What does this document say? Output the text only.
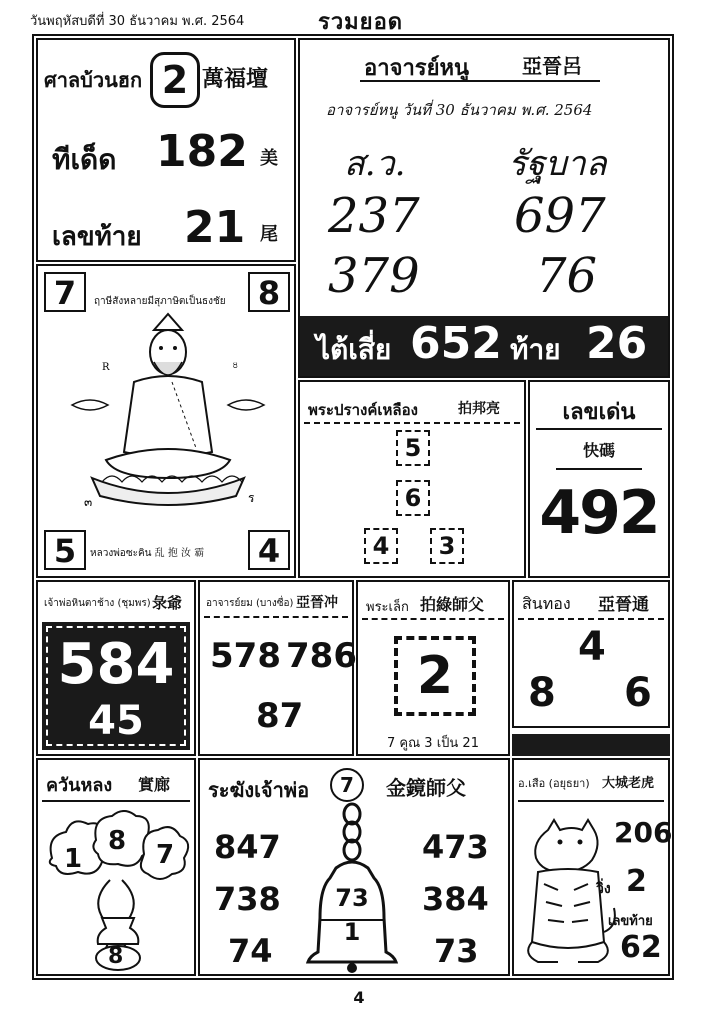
วันพฤหัสบดีที่ 30 ธันวาคม พ.ศ. 2564	รวมยอด
ศาลบ้วนฮก 2 萬福壇
ทีเด็ด 182 美
เลขท้าย 21 尾
7	8
ฤาษีสังหลายมีสุภาษิตเป็นธงชัย
R	৪
๓	ร
5	4
หลวงพ่อซะคิน 乱 抱 汝 霸
อาจารย์หนู	亞晉呂
อาจารย์หนู วันที่ 30 ธันวาคม พ.ศ. 2564
ส.ว.	รัฐบาล
237 697
379 76
ไต้เสี่ย 652 ท้าย 26
พระปรางค์เหลือง	拍邦亮
5
6
4	3
เลขเด่น
快碼
492
เจ้าพ่อหินตาช้าง (ชุมพร) 彔爺
584
45
อาจารย์ยม (บางซื่อ) 亞晉冲
578 786
87
พระเล็ก 拍綠師父
2
7 คูณ 3 เป็น 21
สินทอง 亞晉通
4
8 6
ควันหลง 實廊
1
8 7
8
ระฆังเจ้าพ่อ	7	金鏡師父
847
738
74
473
384
73
73
1
อ.เสือ (อยุธยา) 大城老虎
206
วิ่ง 2
เลขท้าย
62
4
